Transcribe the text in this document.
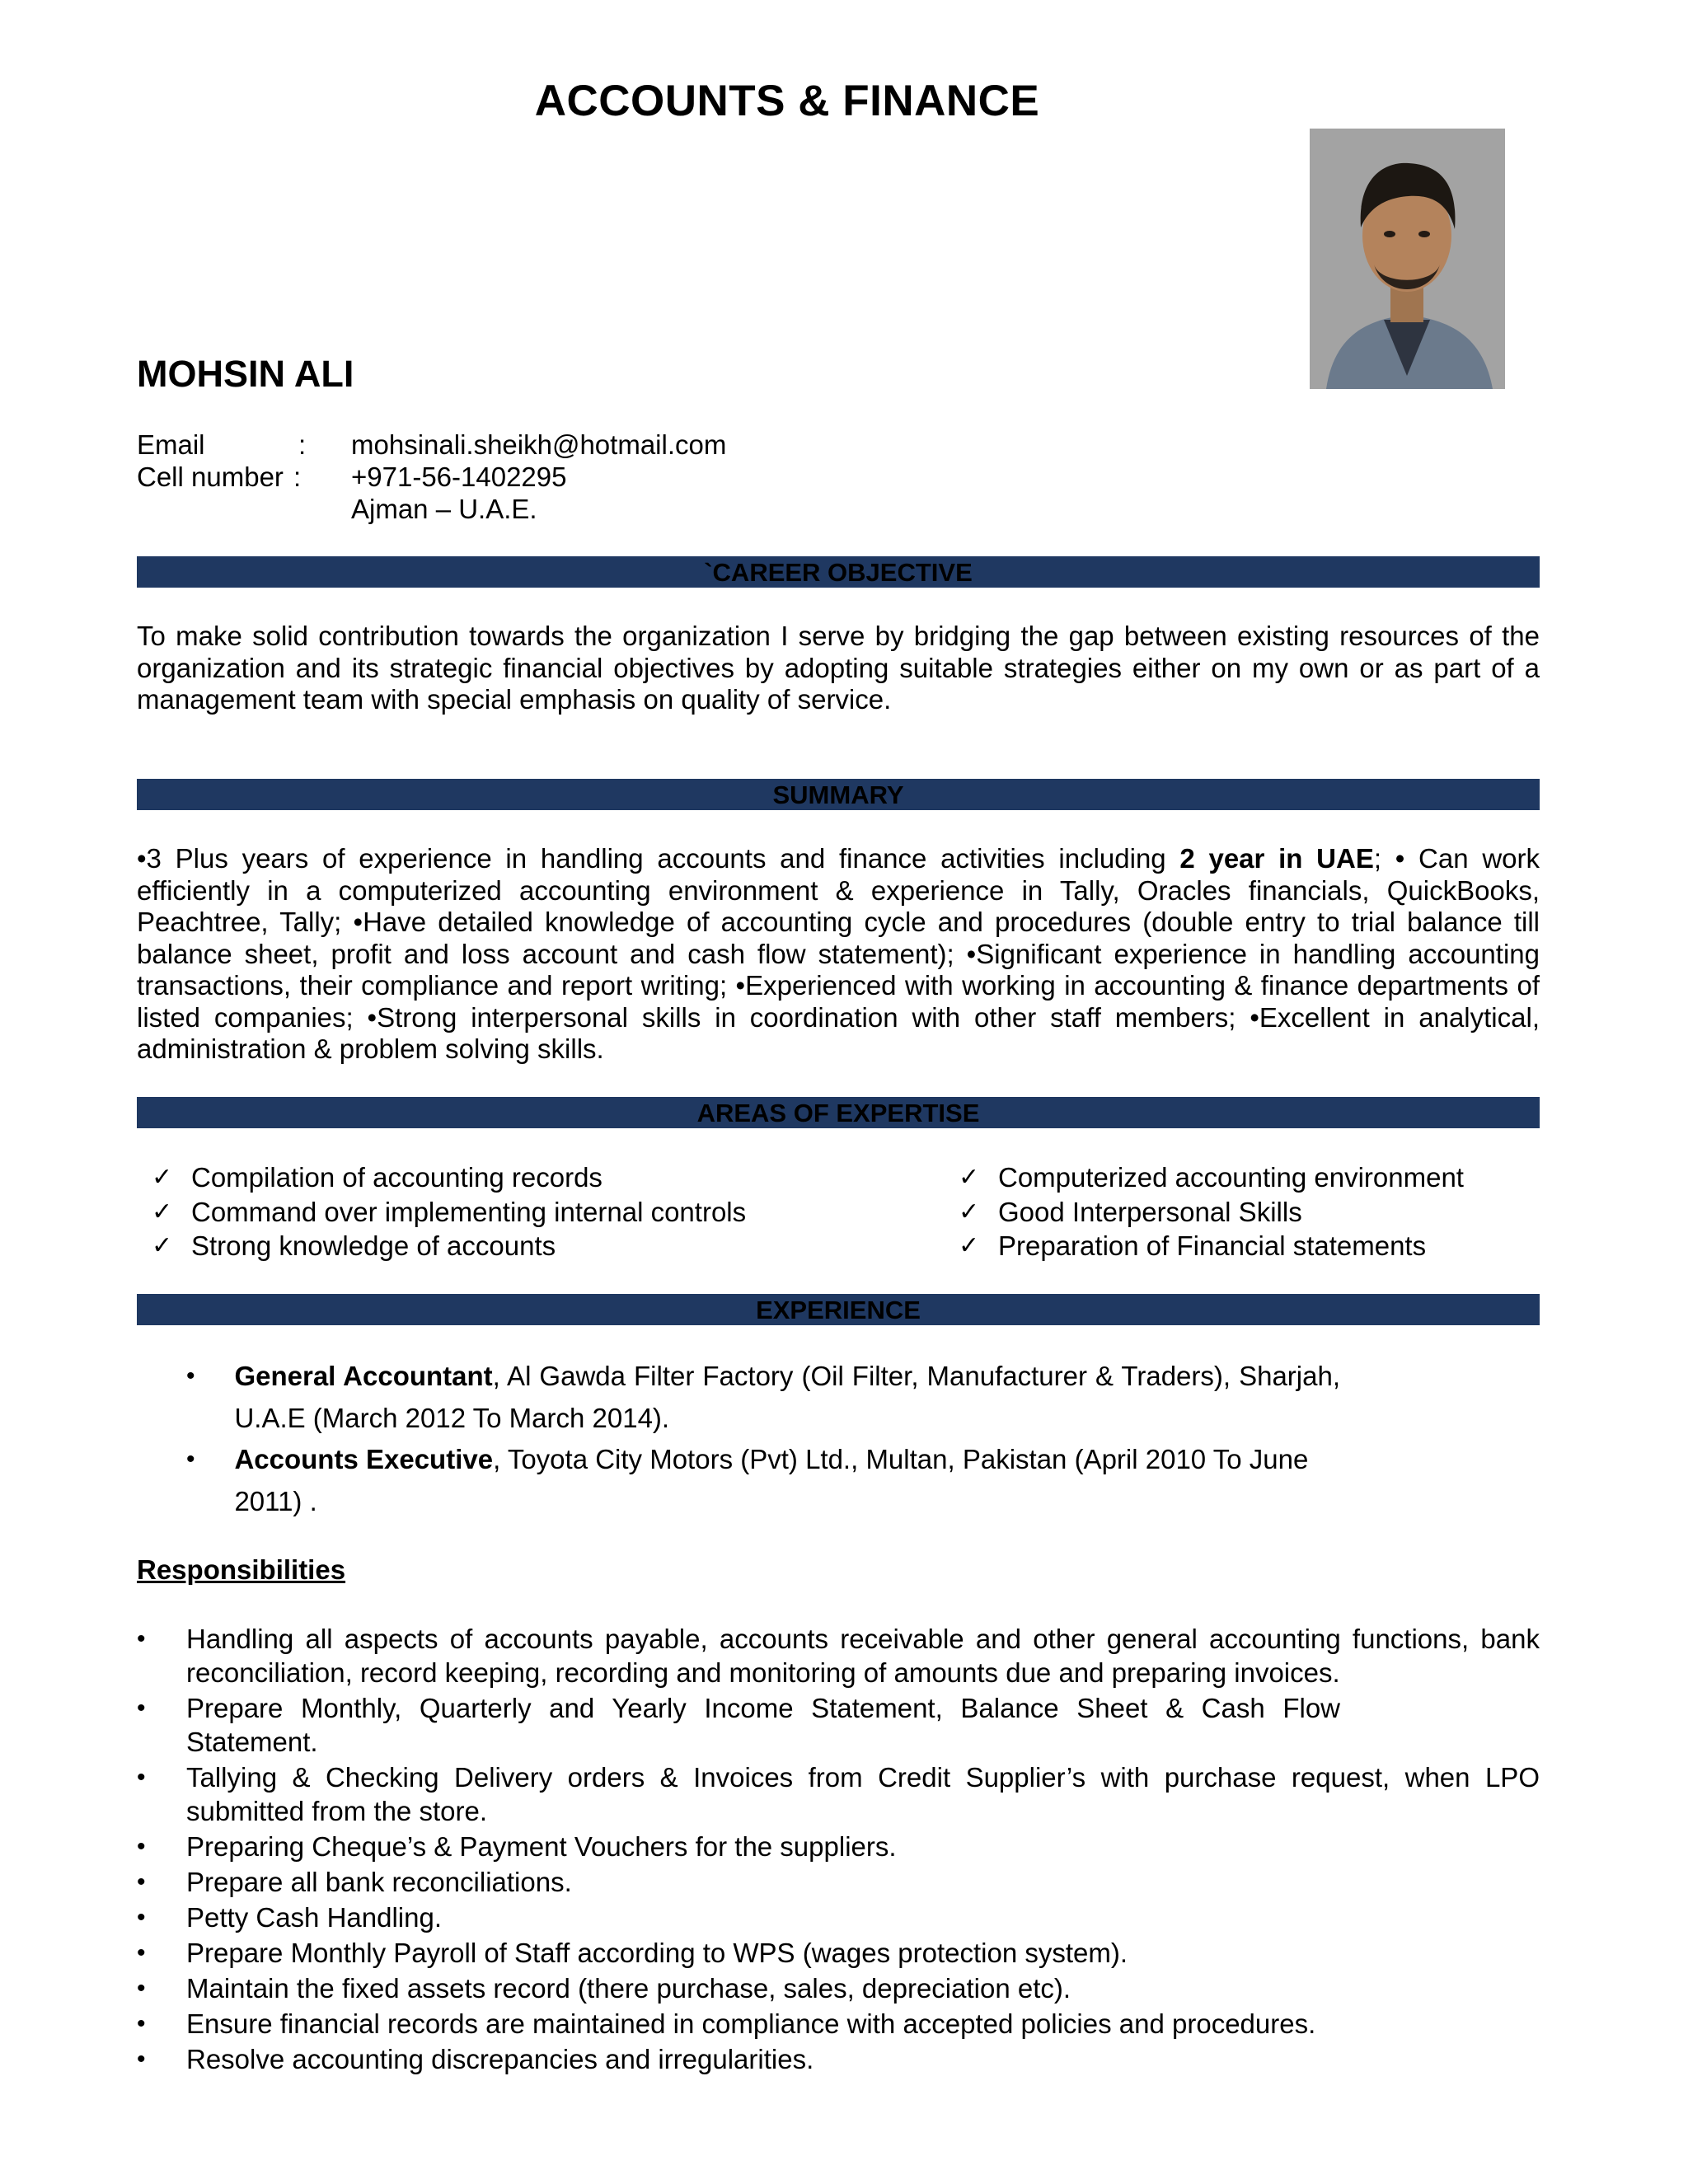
ACCOUNTS & FINANCE
MOHSIN ALI
Email	:	mohsinali.sheikh@hotmail.com
Cell number :	+971-56-1402295
Ajman – U.A.E.
`CAREER OBJECTIVE
To make solid contribution towards the organization I serve by bridging the gap between existing resources of the organization and its strategic financial objectives by adopting suitable strategies either on my own or as part of a management team with special emphasis on quality of service.
SUMMARY
•3 Plus years of experience in handling accounts and finance activities including 2 year in UAE; • Can work efficiently in a computerized accounting environment & experience in Tally, Oracles financials, QuickBooks, Peachtree, Tally; •Have detailed knowledge of accounting cycle and procedures (double entry to trial balance till balance sheet, profit and loss account and cash flow statement); •Significant experience in handling accounting transactions, their compliance and report writing; •Experienced with working in accounting & finance departments of listed companies; •Strong interpersonal skills in coordination with other staff members; •Excellent in analytical, administration & problem solving skills.
AREAS OF EXPERTISE
✓ Compilation of accounting records
✓ Command over implementing internal controls
✓ Strong knowledge of accounts
✓ Computerized accounting environment
✓ Good Interpersonal Skills
✓ Preparation of Financial statements
EXPERIENCE
•	General Accountant, Al Gawda Filter Factory (Oil Filter, Manufacturer & Traders), Sharjah, U.A.E (March 2012 To March 2014).
•	Accounts Executive, Toyota City Motors (Pvt) Ltd., Multan, Pakistan (April 2010 To June 2011) .
Responsibilities
•	Handling all aspects of accounts payable, accounts receivable and other general accounting functions, bank reconciliation, record keeping, recording and monitoring of amounts due and preparing invoices.
•	Prepare Monthly, Quarterly and Yearly Income Statement, Balance Sheet & Cash Flow Statement.
•	Tallying & Checking Delivery orders & Invoices from Credit Supplier’s with purchase request, when LPO submitted from the store.
•	Preparing Cheque’s & Payment Vouchers for the suppliers.
•	Prepare all bank reconciliations.
•	Petty Cash Handling.
•	Prepare Monthly Payroll of Staff according to WPS (wages protection system).
•	Maintain the fixed assets record (there purchase, sales, depreciation etc).
•	Ensure financial records are maintained in compliance with accepted policies and procedures.
•	Resolve accounting discrepancies and irregularities.
